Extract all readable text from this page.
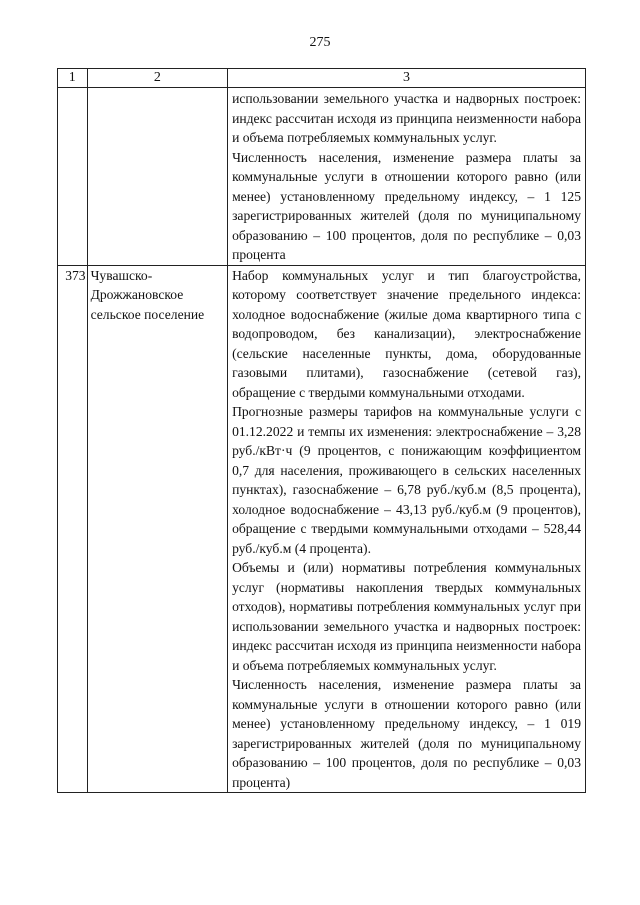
275
1	2	3

		использовании земельного участка и надворных построек: индекс рассчитан исходя из принципа неизменности набора и объема потребляемых коммунальных услуг.

Численность населения, изменение размера платы за коммунальные услуги в отношении которого равно (или менее) установленному предельному индексу, – 1 125 зарегистрированных жителей (доля по муниципальному образованию – 100 процентов, доля по республике – 0,03 процента

373	Чувашско-Дрожжановское сельское поселение	Набор коммунальных услуг и тип благоустройства, которому соответствует значение предельного индекса: холодное водоснабжение (жилые дома квартирного типа с водопроводом, без канализации), электроснабжение (сельские населенные пункты, дома, оборудованные газовыми плитами), газоснабжение (сетевой газ), обращение с твердыми коммунальными отходами.

Прогнозные размеры тарифов на коммунальные услуги с 01.12.2022 и темпы их изменения: электроснабжение – 3,28 руб./кВт·ч (9 процентов, с понижающим коэффициентом 0,7 для населения, проживающего в сельских населенных пунктах), газоснабжение – 6,78 руб./куб.м (8,5 процента), холодное водоснабжение – 43,13 руб./куб.м (9 процентов), обращение с твердыми коммунальными отходами – 528,44 руб./куб.м (4 процента).

Объемы и (или) нормативы потребления коммунальных услуг (нормативы накопления твердых коммунальных отходов), нормативы потребления коммунальных услуг при использовании земельного участка и надворных построек: индекс рассчитан исходя из принципа неизменности набора и объема потребляемых коммунальных услуг.

Численность населения, изменение размера платы за коммунальные услуги в отношении которого равно (или менее) установленному предельному индексу, – 1 019 зарегистрированных жителей (доля по муниципальному образованию – 100 процентов, доля по республике – 0,03 процента)
